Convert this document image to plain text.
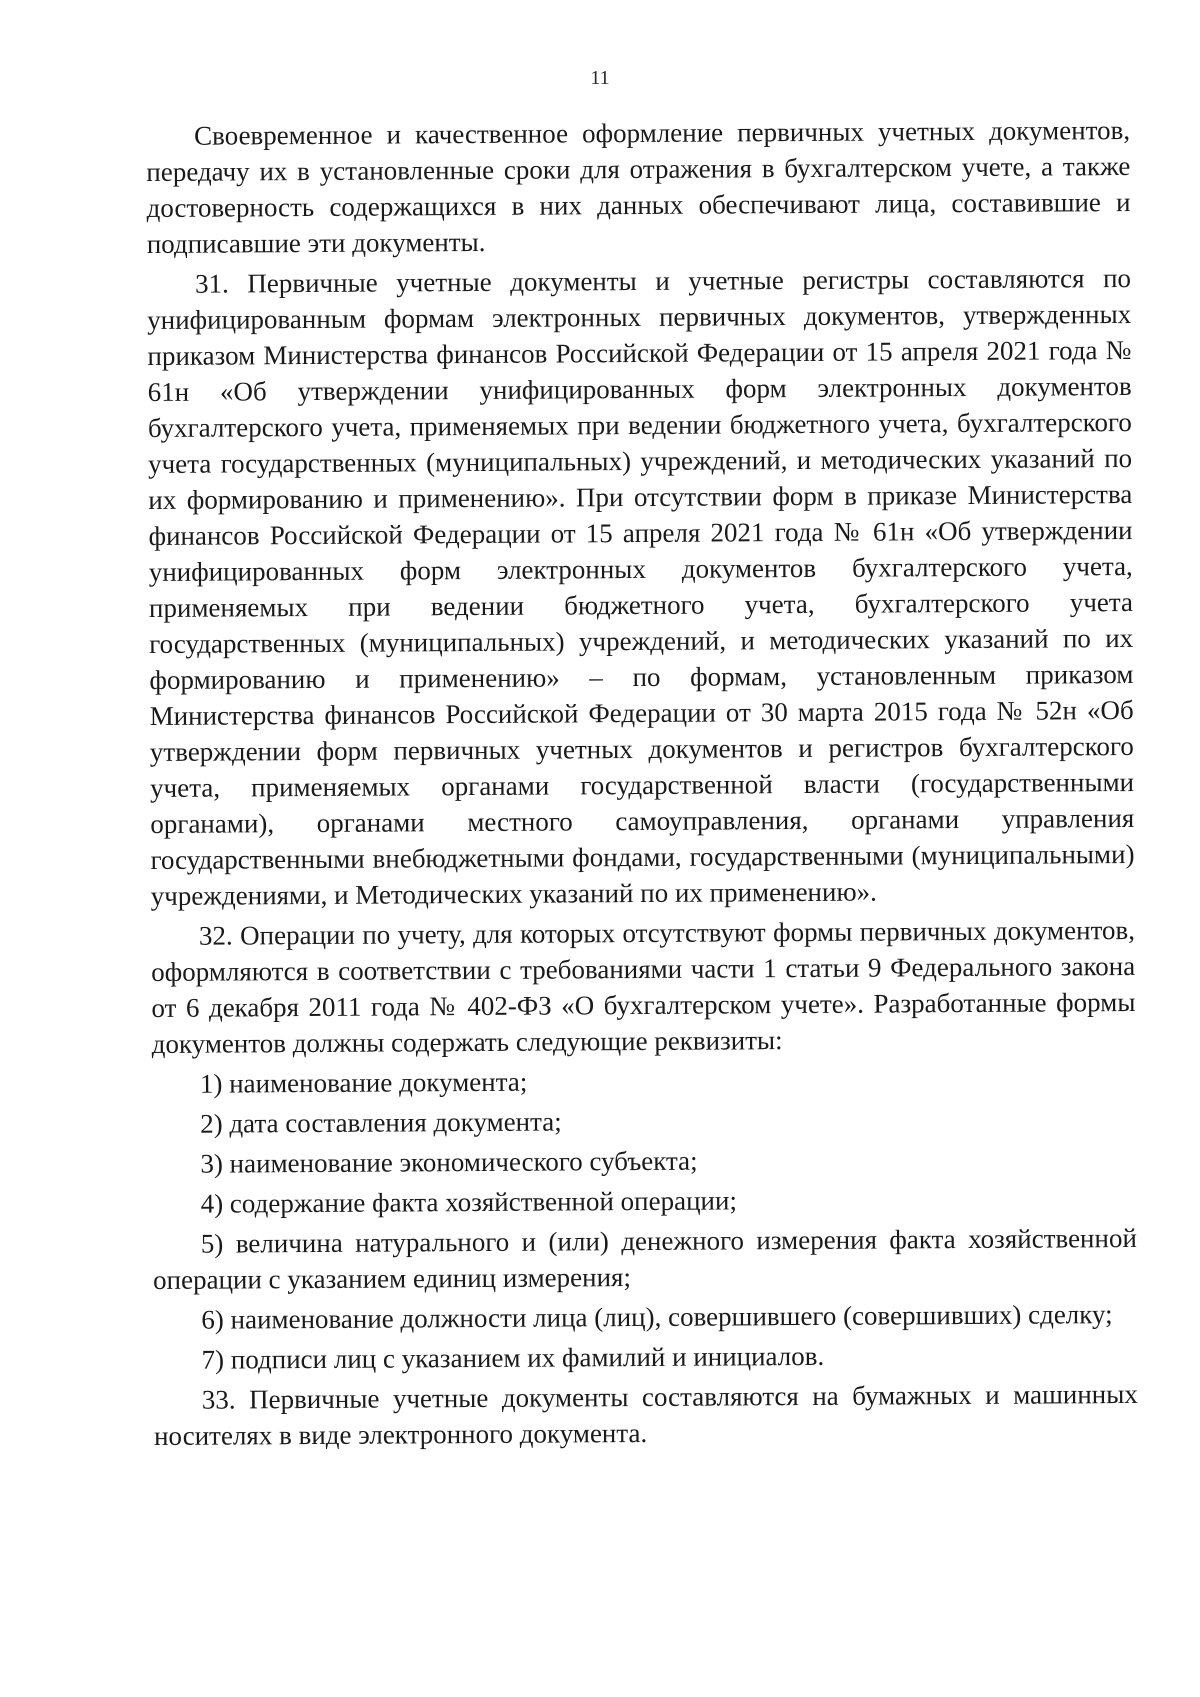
11

Своевременное и качественное оформление первичных учетных документов, передачу их в установленные сроки для отражения в бухгалтерском учете, а также достоверность содержащихся в них данных обеспечивают лица, составившие и подписавшие эти документы.

31. Первичные учетные документы и учетные регистры составляются по унифицированным формам электронных первичных документов, утвержденных приказом Министерства финансов Российской Федерации от 15 апреля 2021 года № 61н «Об утверждении унифицированных форм электронных документов бухгалтерского учета, применяемых при ведении бюджетного учета, бухгалтерского учета государственных (муниципальных) учреждений, и методических указаний по их формированию и применению». При отсутствии форм в приказе Министерства финансов Российской Федерации от 15 апреля 2021 года № 61н «Об утверждении унифицированных форм электронных документов бухгалтерского учета, применяемых при ведении бюджетного учета, бухгалтерского учета государственных (муниципальных) учреждений, и методических указаний по их формированию и применению» – по формам, установленным приказом Министерства финансов Российской Федерации от 30 марта 2015 года № 52н «Об утверждении форм первичных учетных документов и регистров бухгалтерского учета, применяемых органами государственной власти (государственными органами), органами местного самоуправления, органами управления государственными внебюджетными фондами, государственными (муниципальными) учреждениями, и Методических указаний по их применению».

32. Операции по учету, для которых отсутствуют формы первичных документов, оформляются в соответствии с требованиями части 1 статьи 9 Федерального закона от 6 декабря 2011 года № 402-ФЗ «О бухгалтерском учете». Разработанные формы документов должны содержать следующие реквизиты:

1) наименование документа;
2) дата составления документа;
3) наименование экономического субъекта;
4) содержание факта хозяйственной операции;
5) величина натурального и (или) денежного измерения факта хозяйственной операции с указанием единиц измерения;
6) наименование должности лица (лиц), совершившего (совершивших) сделку;
7) подписи лиц с указанием их фамилий и инициалов.

33. Первичные учетные документы составляются на бумажных и машинных носителях в виде электронного документа.
